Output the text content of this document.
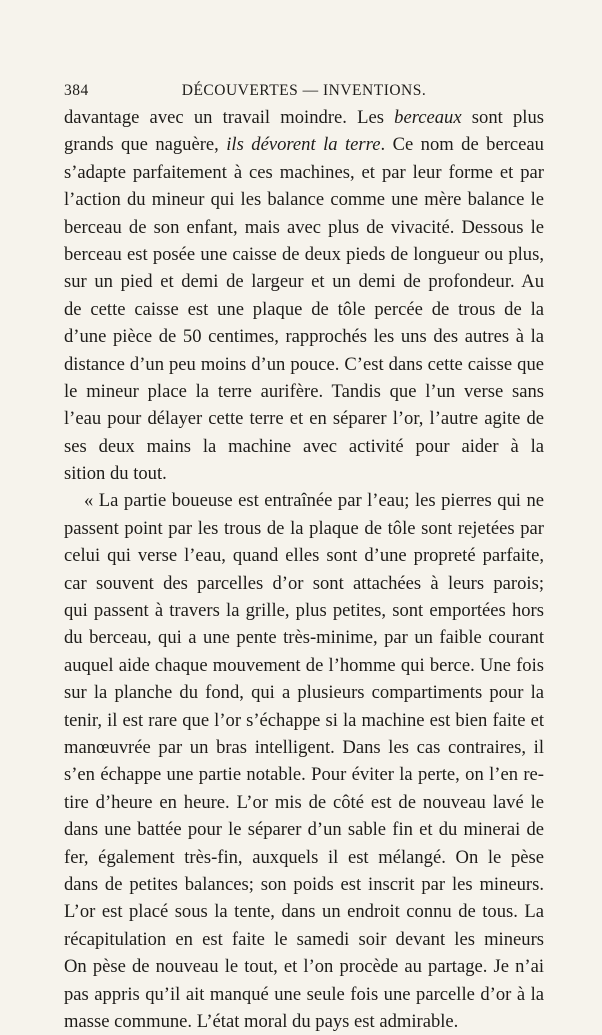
384	DÉCOUVERTES — INVENTIONS.
davantage avec un travail moindre. Les berceaux sont plus
grands que naguère, ils dévorent la terre. Ce nom de berceau
s’adapte parfaitement à ces machines, et par leur forme et par
l’action du mineur qui les balance comme une mère balance le
berceau de son enfant, mais avec plus de vivacité. Dessous le
berceau est posée une caisse de deux pieds de longueur ou plus,
sur un pied et demi de largeur et un demi de profondeur. Au
de cette caisse est une plaque de tôle percée de trous de la
d’une pièce de 50 centimes, rapprochés les uns des autres à la
distance d’un peu moins d’un pouce. C’est dans cette caisse que
le mineur place la terre aurifère. Tandis que l’un verse sans
l’eau pour délayer cette terre et en séparer l’or, l’autre agite de
ses deux mains la machine avec activité pour aider à la
sition du tout.
« La partie boueuse est entraînée par l’eau; les pierres qui ne
passent point par les trous de la plaque de tôle sont rejetées par
celui qui verse l’eau, quand elles sont d’une propreté parfaite,
car souvent des parcelles d’or sont attachées à leurs parois;
qui passent à travers la grille, plus petites, sont emportées hors
du berceau, qui a une pente très-minime, par un faible courant
auquel aide chaque mouvement de l’homme qui berce. Une fois
sur la planche du fond, qui a plusieurs compartiments pour la
tenir, il est rare que l’or s’échappe si la machine est bien faite et
manœuvrée par un bras intelligent. Dans les cas contraires, il
s’en échappe une partie notable. Pour éviter la perte, on l’en re-
tire d’heure en heure. L’or mis de côté est de nouveau lavé le
dans une battée pour le séparer d’un sable fin et du minerai de
fer, également très-fin, auxquels il est mélangé. On le pèse
dans de petites balances; son poids est inscrit par les mineurs.
L’or est placé sous la tente, dans un endroit connu de tous. La
récapitulation en est faite le samedi soir devant les mineurs
On pèse de nouveau le tout, et l’on procède au partage. Je n’ai
pas appris qu’il ait manqué une seule fois une parcelle d’or à la
masse commune. L’état moral du pays est admirable.
